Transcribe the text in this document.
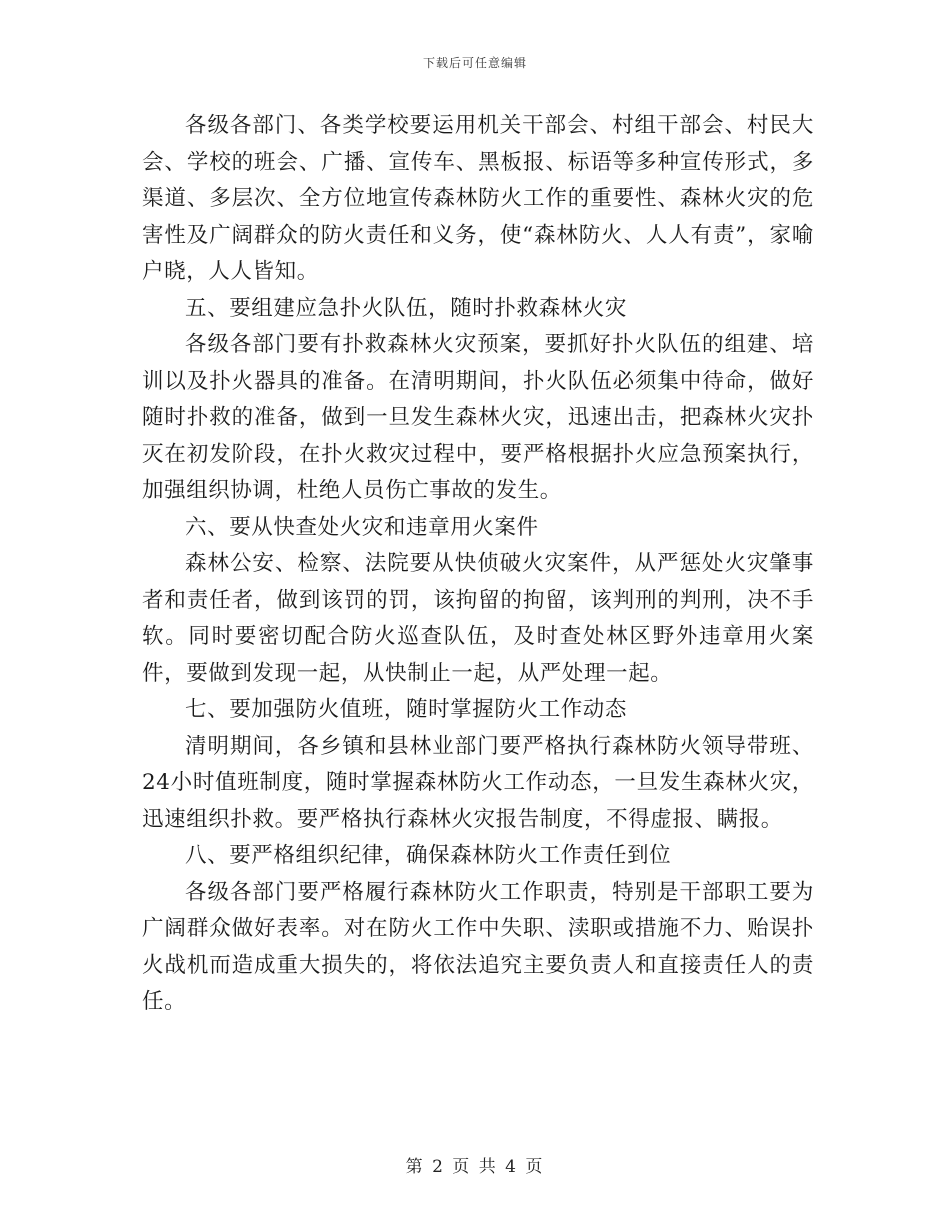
下载后可任意编辑

各级各部门、各类学校要运用机关干部会、村组干部会、村民大会、学校的班会、广播、宣传车、黑板报、标语等多种宣传形式，多渠道、多层次、全方位地宣传森林防火工作的重要性、森林火灾的危害性及广阔群众的防火责任和义务，使“森林防火、人人有责”，家喻户晓，人人皆知。

五、要组建应急扑火队伍，随时扑救森林火灾

各级各部门要有扑救森林火灾预案，要抓好扑火队伍的组建、培训以及扑火器具的准备。在清明期间，扑火队伍必须集中待命，做好随时扑救的准备，做到一旦发生森林火灾，迅速出击，把森林火灾扑灭在初发阶段，在扑火救灾过程中，要严格根据扑火应急预案执行，加强组织协调，杜绝人员伤亡事故的发生。

六、要从快查处火灾和违章用火案件

森林公安、检察、法院要从快侦破火灾案件，从严惩处火灾肇事者和责任者，做到该罚的罚，该拘留的拘留，该判刑的判刑，决不手软。同时要密切配合防火巡查队伍，及时查处林区野外违章用火案件，要做到发现一起，从快制止一起，从严处理一起。

七、要加强防火值班，随时掌握防火工作动态

清明期间，各乡镇和县林业部门要严格执行森林防火领导带班、24小时值班制度，随时掌握森林防火工作动态，一旦发生森林火灾，迅速组织扑救。要严格执行森林火灾报告制度，不得虚报、瞒报。

八、要严格组织纪律，确保森林防火工作责任到位

各级各部门要严格履行森林防火工作职责，特别是干部职工要为广阔群众做好表率。对在防火工作中失职、渎职或措施不力、贻误扑火战机而造成重大损失的，将依法追究主要负责人和直接责任人的责任。

第 2 页 共 4 页
